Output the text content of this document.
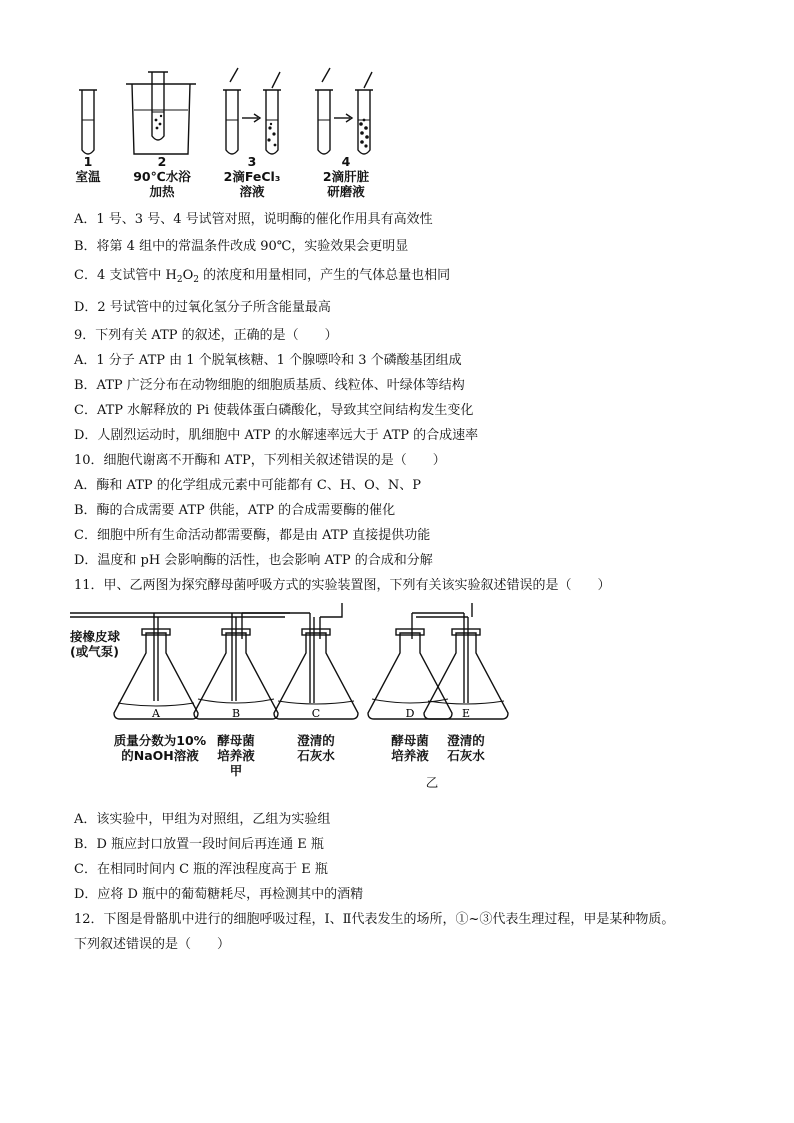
1
室温
2
90℃水浴
加热
3
2滴FeCl₃
溶液
4
2滴肝脏
研磨液
A．1 号、3 号、4 号试管对照，说明酶的催化作用具有高效性
B．将第 4 组中的常温条件改成 90℃，实验效果会更明显
C．4 支试管中 $H_2O_2$ 的浓度和用量相同，产生的气体总量也相同
D．2 号试管中的过氧化氢分子所含能量最高
9．下列有关 ATP 的叙述，正确的是（　　）
A．1 分子 ATP 由 1 个脱氧核糖、1 个腺嘌呤和 3 个磷酸基团组成
B．ATP 广泛分布在动物细胞的细胞质基质、线粒体、叶绿体等结构
C．ATP 水解释放的 Pi 使载体蛋白磷酸化，导致其空间结构发生变化
D．人剧烈运动时，肌细胞中 ATP 的水解速率远大于 ATP 的合成速率
10．细胞代谢离不开酶和 ATP，下列相关叙述错误的是（　　）
A．酶和 ATP 的化学组成元素中可能都有 C、H、O、N、P
B．酶的合成需要 ATP 供能，ATP 的合成需要酶的催化
C．细胞中所有生命活动都需要酶，都是由 ATP 直接提供功能
D．温度和 pH 会影响酶的活性，也会影响 ATP 的合成和分解
11．甲、乙两图为探究酵母菌呼吸方式的实验装置图，下列有关该实验叙述错误的是（　　）
A	B	C	D	E
接橡皮球
(或气泵)
质量分数为10%
的NaOH溶液
酵母菌
培养液
甲
澄清的
石灰水
酵母菌
培养液
澄清的
石灰水
乙
A．该实验中，甲组为对照组，乙组为实验组
B．D 瓶应封口放置一段时间后再连通 E 瓶
C．在相同时间内 C 瓶的浑浊程度高于 E 瓶
D．应将 D 瓶中的葡萄糖耗尽，再检测其中的酒精
12．下图是骨骼肌中进行的细胞呼吸过程，Ⅰ、Ⅱ代表发生的场所，①~③代表生理过程，甲是某种物质。
下列叙述错误的是（　　）
